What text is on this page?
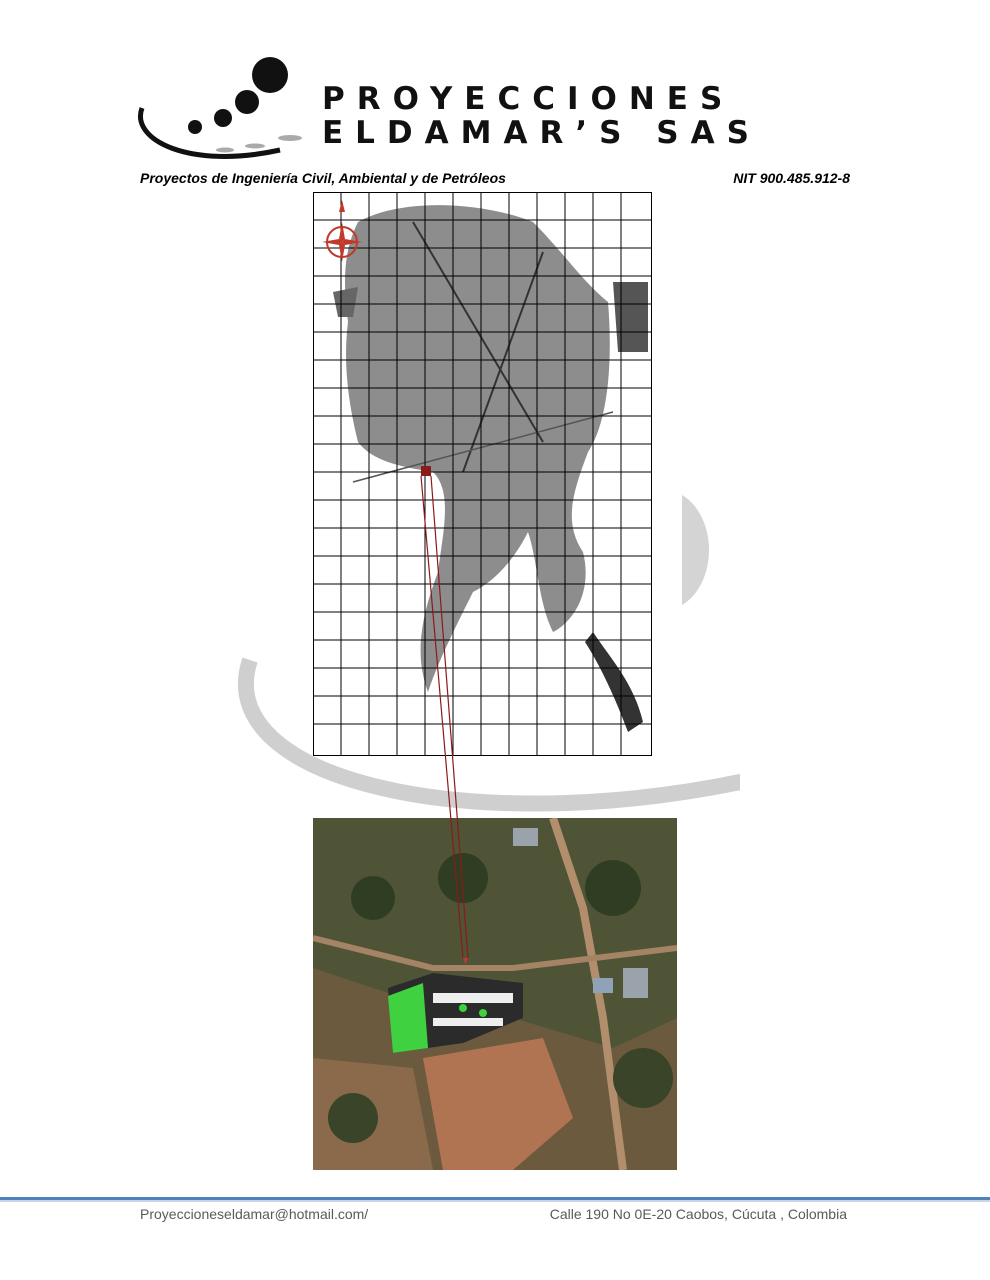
PROYECCIONES
ELDAMAR’S SAS
Proyectos de Ingeniería Civil, Ambiental y de Petróleos	NIT 900.485.912-8
Proyeccioneseldamar@hotmail.com/	Calle 190 No 0E-20 Caobos, Cúcuta , Colombia
